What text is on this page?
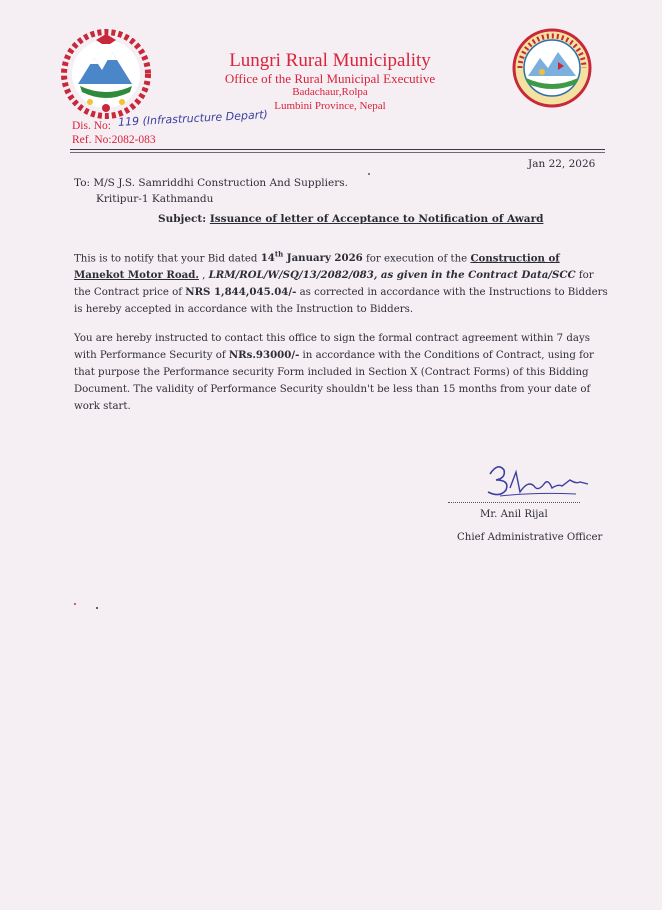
Lungri Rural Municipality
Office of the Rural Municipal Executive
Badachaur,Rolpa
Lumbini Province, Nepal
Dis. No: 119 (Infrastructure Depart)
Ref. No:2082-083
Jan 22, 2026
To: M/S J.S. Samriddhi Construction And Suppliers.
Kritipur-1 Kathmandu
Subject: Issuance of letter of Acceptance to Notification of Award
This is to notify that your Bid dated 14th January 2026 for execution of the Construction of Manekot Motor Road. , LRM/ROL/W/SQ/13/2082/083, as given in the Contract Data/SCC for the Contract price of NRS 1,844,045.04/- as corrected in accordance with the Instructions to Bidders is hereby accepted in accordance with the Instruction to Bidders.
You are hereby instructed to contact this office to sign the formal contract agreement within 7 days with Performance Security of NRs.93000/- in accordance with the Conditions of Contract, using for that purpose the Performance security Form included in Section X (Contract Forms) of this Bidding Document. The validity of Performance Security shouldn't be less than 15 months from your date of work start.
Mr. Anil Rijal
Chief Administrative Officer
